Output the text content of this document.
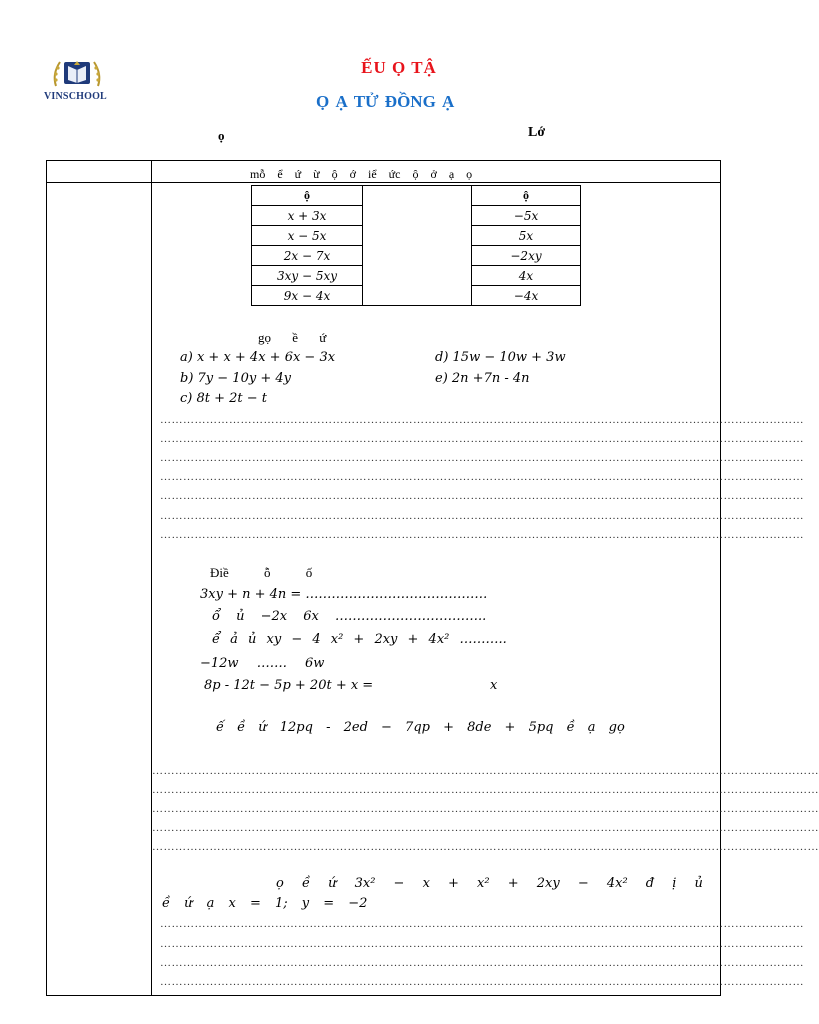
VINSCHOOL
ẾU Ọ TẬ
Ọ Ạ TỬ ĐỒNG Ạ
ọ	Lớ
mỗ ể ứ ừ ộ ớ iể ức ộ ở ạ ọ
ộ		ộ
x + 3x		−5x
x − 5x		5x
2x − 7x		−2xy
3xy − 5xy		4x
9x − 4x		−4x
gọ ề ứ
a) x + x + 4x + 6x − 3x
b) 7y − 10y + 4y
c) 8t + 2t − t
d) 15w − 10w + 3w
e) 2n +7n - 4n
……………………………………………………………………………………………………………………………………………………
……………………………………………………………………………………………………………………………………………………
……………………………………………………………………………………………………………………………………………………
……………………………………………………………………………………………………………………………………………………
……………………………………………………………………………………………………………………………………………………
……………………………………………………………………………………………………………………………………………………
……………………………………………………………………………………………………………………………………………………
Điề ỗ ố
3xy + n + 4n = ……………………………………
ổ ủ −2x 6x ……………………………..
ể ả ủ xy − 4 x² + 2xy + 4x² ………..
−12w ……. 6w
8p - 12t − 5p + 20t + x =	x
ế ề ứ 12pq - 2ed − 7qp + 8de + 5pq ề ạ gọ
…………………………………………………………………………………………………………………………………………………………
…………………………………………………………………………………………………………………………………………………………
…………………………………………………………………………………………………………………………………………………………
…………………………………………………………………………………………………………………………………………………………
…………………………………………………………………………………………………………………………………………………………
ọ ề ứ 3x² − x + x² + 2xy − 4x² đ ị ủ
ề ứ ạ x = 1; y = −2
……………………………………………………………………………………………………………………………………………………
……………………………………………………………………………………………………………………………………………………
……………………………………………………………………………………………………………………………………………………
……………………………………………………………………………………………………………………………………………………
